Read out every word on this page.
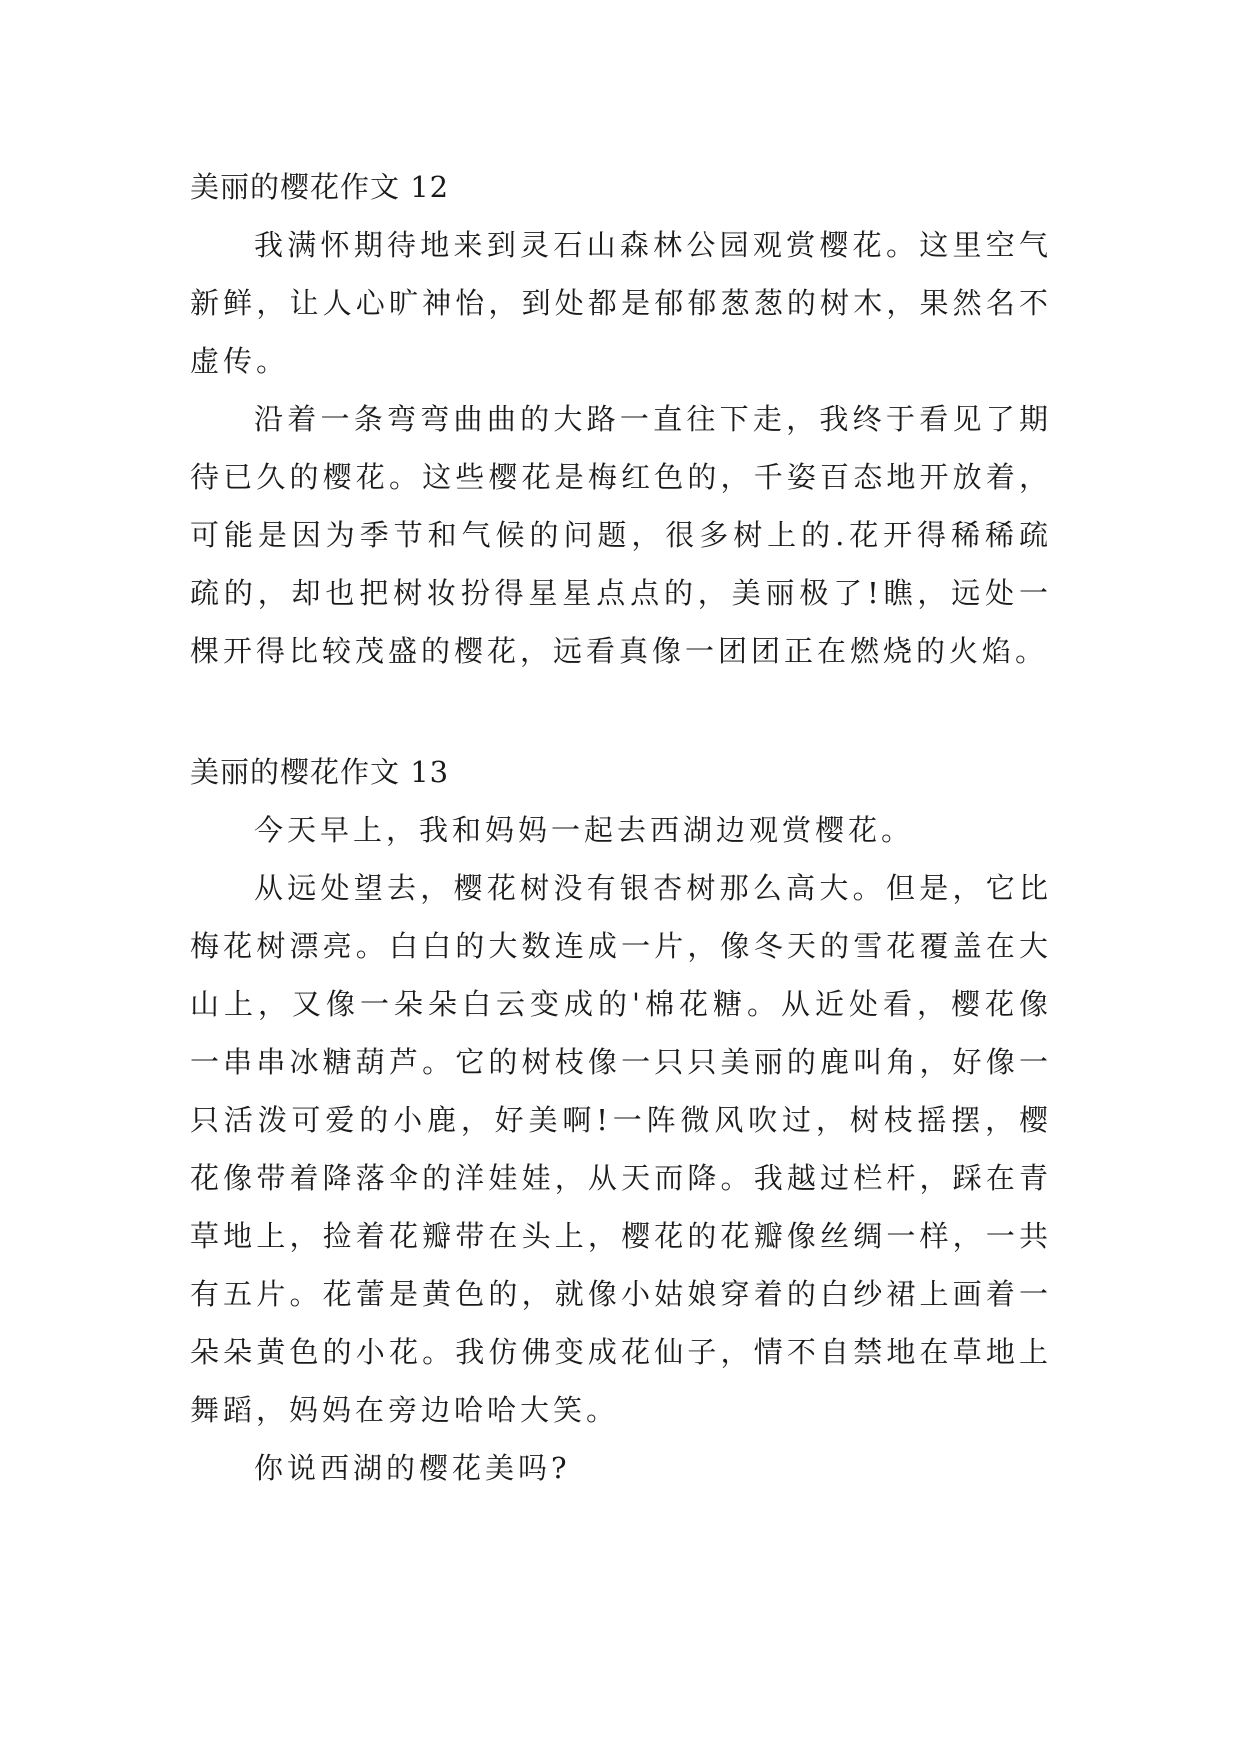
美丽的樱花作文 12

我满怀期待地来到灵石山森林公园观赏樱花。这里空气新鲜，让人心旷神怡，到处都是郁郁葱葱的树木，果然名不虚传。

沿着一条弯弯曲曲的大路一直往下走，我终于看见了期待已久的樱花。这些樱花是梅红色的，千姿百态地开放着，可能是因为季节和气候的问题，很多树上的.花开得稀稀疏疏的，却也把树妆扮得星星点点的，美丽极了!瞧，远处一棵开得比较茂盛的樱花，远看真像一团团正在燃烧的火焰。

美丽的樱花作文 13

今天早上，我和妈妈一起去西湖边观赏樱花。

从远处望去，樱花树没有银杏树那么高大。但是，它比梅花树漂亮。白白的大数连成一片，像冬天的雪花覆盖在大山上，又像一朵朵白云变成的'棉花糖。从近处看，樱花像一串串冰糖葫芦。它的树枝像一只只美丽的鹿叫角，好像一只活泼可爱的小鹿，好美啊!一阵微风吹过，树枝摇摆，樱花像带着降落伞的洋娃娃，从天而降。我越过栏杆，踩在青草地上，捡着花瓣带在头上，樱花的花瓣像丝绸一样，一共有五片。花蕾是黄色的，就像小姑娘穿着的白纱裙上画着一朵朵黄色的小花。我仿佛变成花仙子，情不自禁地在草地上舞蹈，妈妈在旁边哈哈大笑。

你说西湖的樱花美吗?
